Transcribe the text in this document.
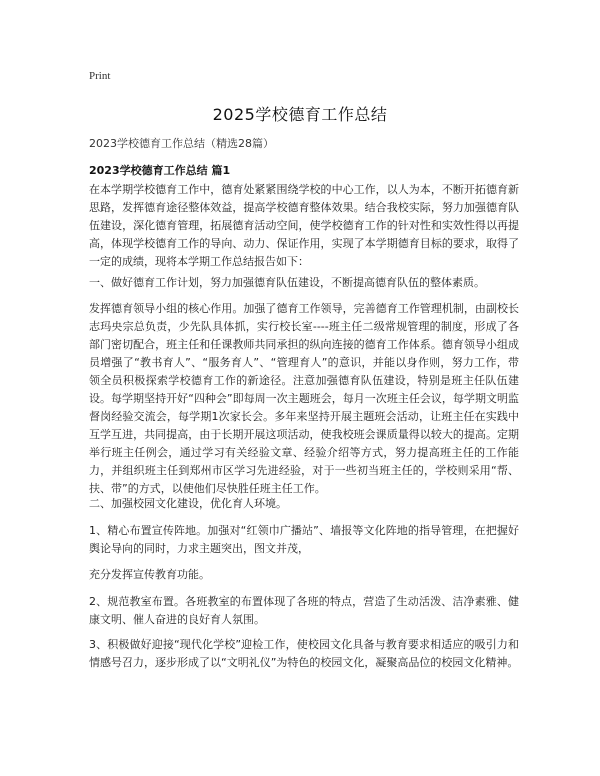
Print
2025学校德育工作总结
2023学校德育工作总结（精选28篇）
2023学校德育工作总结 篇1
在本学期学校德育工作中，德育处紧紧围绕学校的中心工作，以人为本，不断开拓德育新思路，发挥德育途径整体效益，提高学校德育整体效果。结合我校实际，努力加强德育队伍建设，深化德育管理，拓展德育活动空间，使学校德育工作的针对性和实效性得以再提高，体现学校德育工作的导向、动力、保证作用，实现了本学期德育目标的要求，取得了一定的成绩，现将本学期工作总结报告如下：
一、做好德育工作计划，努力加强德育队伍建设，不断提高德育队伍的整体素质。
发挥德育领导小组的核心作用。加强了德育工作领导，完善德育工作管理机制，由副校长志玛央宗总负责，少先队具体抓，实行校长室----班主任二级常规管理的制度，形成了各部门密切配合，班主任和任课教师共同承担的纵向连接的德育工作体系。德育领导小组成员增强了“教书育人”、“服务育人”、“管理育人”的意识，并能以身作则，努力工作，带领全员积极探索学校德育工作的新途径。注意加强德育队伍建设，特别是班主任队伍建设。每学期坚持开好“四种会”即每周一次主题班会，每月一次班主任会议，每学期文明监督岗经验交流会，每学期1次家长会。多年来坚持开展主题班会活动，让班主任在实践中互学互进，共同提高，由于长期开展这项活动，使我校班会课质量得以较大的提高。定期举行班主任例会，通过学习有关经验文章、经验介绍等方式，努力提高班主任的工作能力，并组织班主任到郑州市区学习先进经验，对于一些初当班主任的，学校则采用“帮、扶、带”的方式，以使他们尽快胜任班主任工作。
二、加强校园文化建设，优化育人环境。
1、精心布置宣传阵地。加强对“红领巾广播站”、墙报等文化阵地的指导管理，在把握好舆论导向的同时，力求主题突出，图文并茂，
充分发挥宣传教育功能。
2、规范教室布置。各班教室的布置体现了各班的特点，营造了生动活泼、洁净素雅、健康文明、催人奋进的良好育人氛围。
3、积极做好迎接“现代化学校”迎检工作，使校园文化具备与教育要求相适应的吸引力和情感号召力，逐步形成了以“文明礼仪”为特色的校园文化，凝聚高品位的校园文化精神。
